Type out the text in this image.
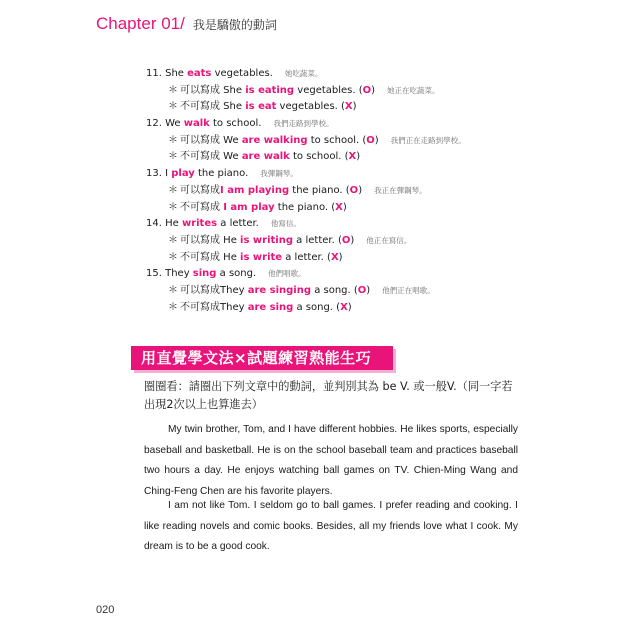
Chapter 01/ 我是驕傲的動詞
11. She eats vegetables. 她吃蔬菜。
＊ 可以寫成 She is eating vegetables. (O) 她正在吃蔬菜。
＊ 不可寫成 She is eat vegetables. (X)
12. We walk to school. 我們走路到學校。
＊ 可以寫成 We are walking to school. (O) 我們正在走路到學校。
＊ 不可寫成 We are walk to school. (X)
13. I play the piano. 我彈鋼琴。
＊ 可以寫成I am playing the piano. (O) 我正在彈鋼琴。
＊ 不可寫成 I am play the piano. (X)
14. He writes a letter. 他寫信。
＊ 可以寫成 He is writing a letter. (O) 他正在寫信。
＊ 不可寫成 He is write a letter. (X)
15. They sing a song. 他們唱歌。
＊ 可以寫成They are singing a song. (O) 他們正在唱歌。
＊ 不可寫成They are sing a song. (X)
用直覺學文法×試題練習熟能生巧
圈圈看：請圈出下列文章中的動詞，並判別其為 be V. 或一般V.（同一字若出現2次以上也算進去）

My twin brother, Tom, and I have different hobbies. He likes sports, especially baseball and basketball. He is on the school baseball team and practices baseball two hours a day. He enjoys watching ball games on TV. Chien-Ming Wang and Ching-Feng Chen are his favorite players.

I am not like Tom. I seldom go to ball games. I prefer reading and cooking. I like reading novels and comic books. Besides, all my friends love what I cook. My dream is to be a good cook.

020
